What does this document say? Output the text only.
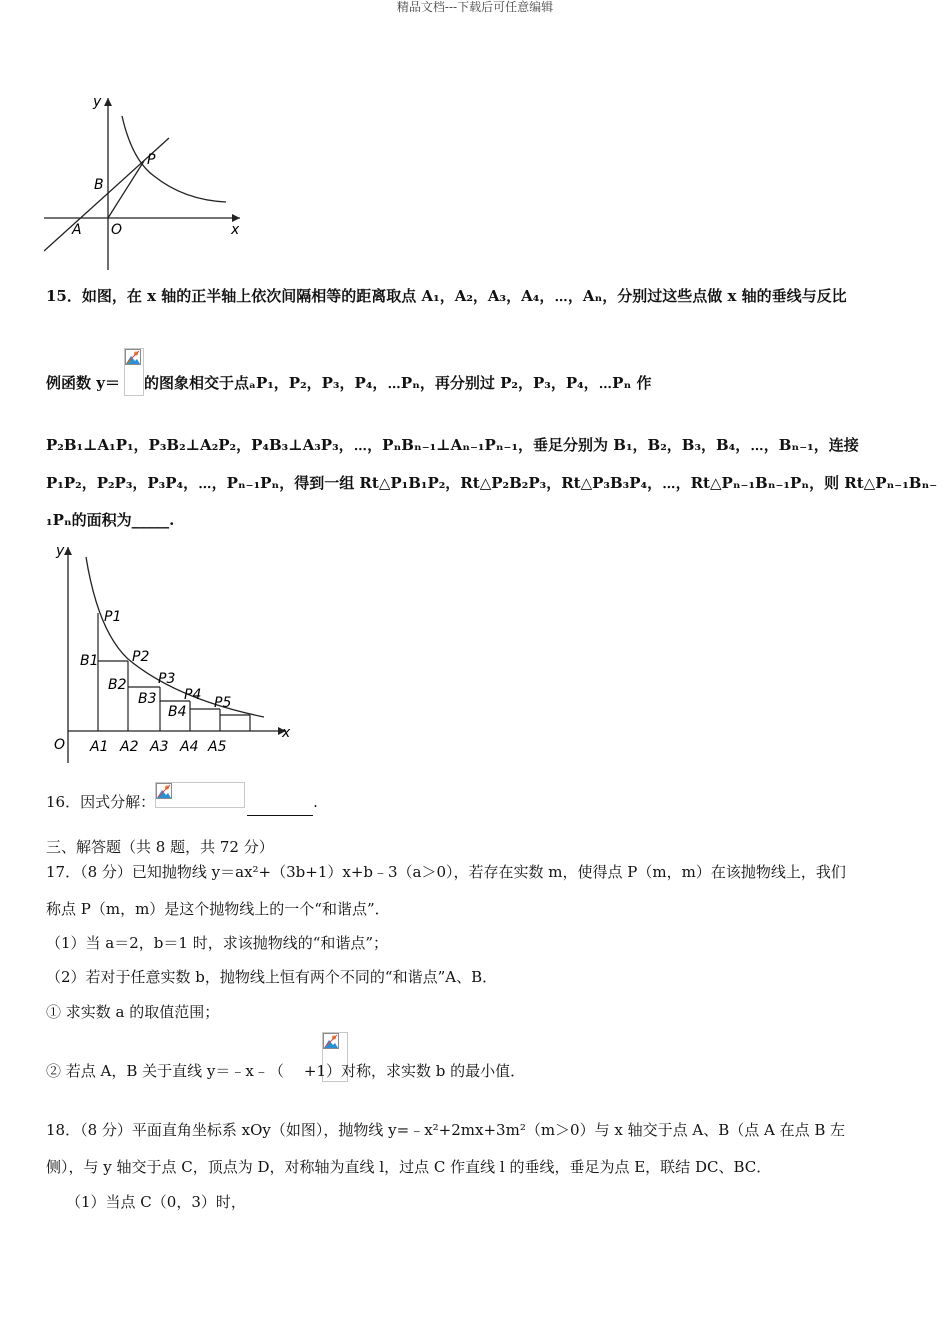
精品文档---下载后可任意编辑
y
x
P
B
A O
15．如图，在 x 轴的正半轴上依次间隔相等的距离取点 A₁，A₂，A₃，A₄，⋯，Aₙ，分别过这些点做 x 轴的垂线与反比

例函数 y＝ 的图象相交于点ₐP₁，P₂，P₃，P₄，⋯Pₙ，再分别过 P₂，P₃，P₄，⋯Pₙ 作
P₂B₁⊥A₁P₁，P₃B₂⊥A₂P₂，P₄B₃⊥A₃P₃，⋯，PₙBₙ₋₁⊥Aₙ₋₁Pₙ₋₁，垂足分别为 B₁，B₂，B₃，B₄，⋯，Bₙ₋₁，连接
P₁P₂，P₂P₃，P₃P₄，⋯，Pₙ₋₁Pₙ，得到一组 Rt△P₁B₁P₂，Rt△P₂B₂P₃，Rt△P₃B₃P₄，⋯，Rt△Pₙ₋₁Bₙ₋₁Pₙ，则 Rt△Pₙ₋₁Bₙ₋
₁Pₙ的面积为_____.
y
x
O
P1
P2
P3
P4 P5
B1
B2
B3
B4
A1 A2 A3 A4 A5
16．因式分解：	.
三、解答题（共 8 题，共 72 分）
17．（8 分）已知抛物线 y＝ax²+（3b+1）x+b﹣3（a＞0），若存在实数 m，使得点 P（m，m）在该抛物线上，我们
称点 P（m，m）是这个抛物线上的一个“和谐点”．
（1）当 a＝2，b＝1 时，求该抛物线的“和谐点”；
（2）若对于任意实数 b，抛物线上恒有两个不同的“和谐点”A、B．
① 求实数 a 的取值范围；
② 若点 A，B 关于直线 y＝﹣x﹣（ +1）对称，求实数 b 的最小值．
18．（8 分）平面直角坐标系 xOy（如图），抛物线 y=﹣x²+2mx+3m²（m＞0）与 x 轴交于点 A、B（点 A 在点 B 左
侧），与 y 轴交于点 C，顶点为 D，对称轴为直线 l，过点 C 作直线 l 的垂线，垂足为点 E，联结 DC、BC．
（1）当点 C（0，3）时，
